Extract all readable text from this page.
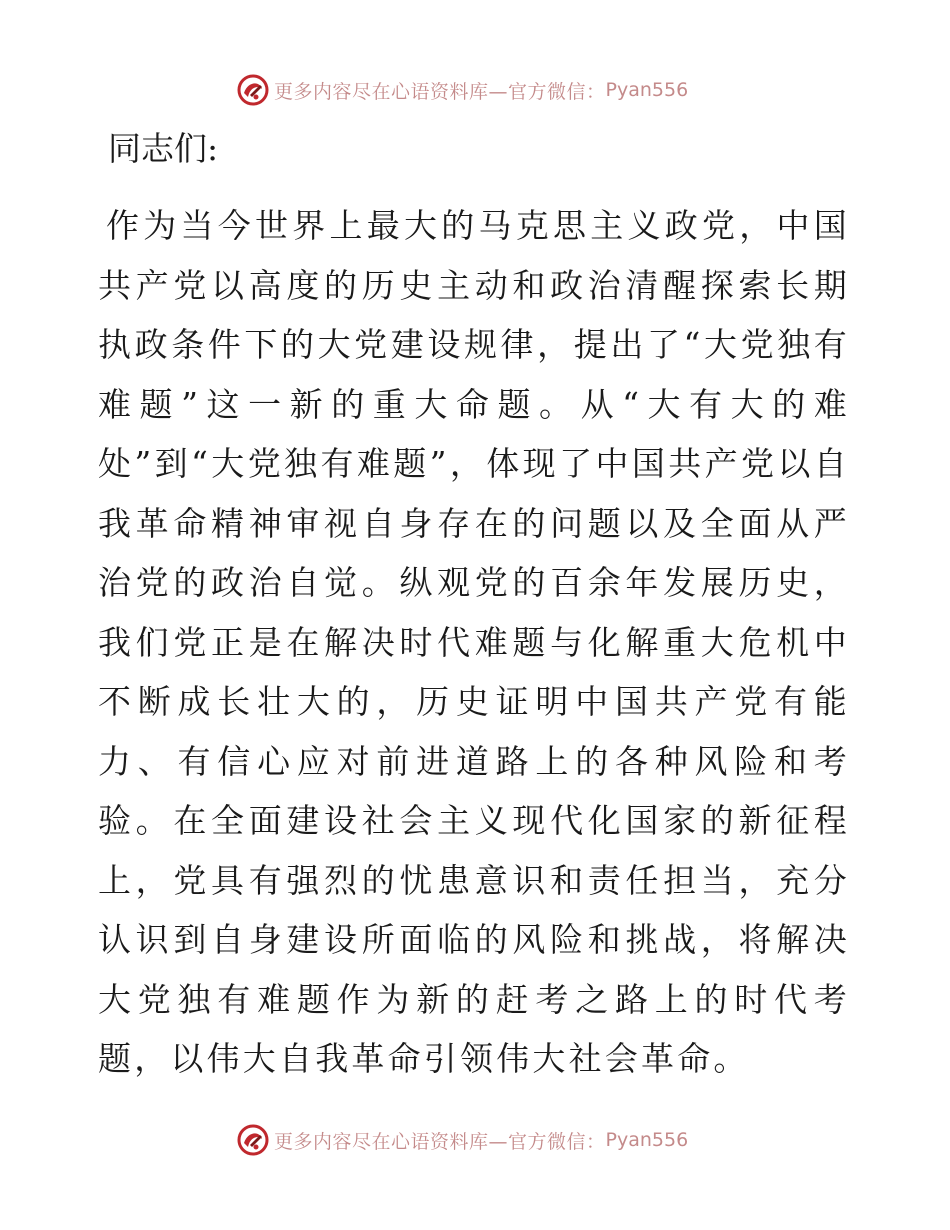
更多内容尽在心语资料库—官方微信： Pyan556
同志们:

作为当今世界上最大的马克思主义政党，中国共产党以高度的历史主动和政治清醒探索长期执政条件下的大党建设规律，提出了“大党独有难题”这一新的重大命题。从“大有大的难处”到“大党独有难题”，体现了中国共产党以自我革命精神审视自身存在的问题以及全面从严治党的政治自觉。纵观党的百余年发展历史，我们党正是在解决时代难题与化解重大危机中不断成长壮大的，历史证明中国共产党有能力、有信心应对前进道路上的各种风险和考验。在全面建设社会主义现代化国家的新征程上，党具有强烈的忧患意识和责任担当，充分认识到自身建设所面临的风险和挑战，将解决大党独有难题作为新的赶考之路上的时代考题，以伟大自我革命引领伟大社会革命。

更多内容尽在心语资料库—官方微信： Pyan556
